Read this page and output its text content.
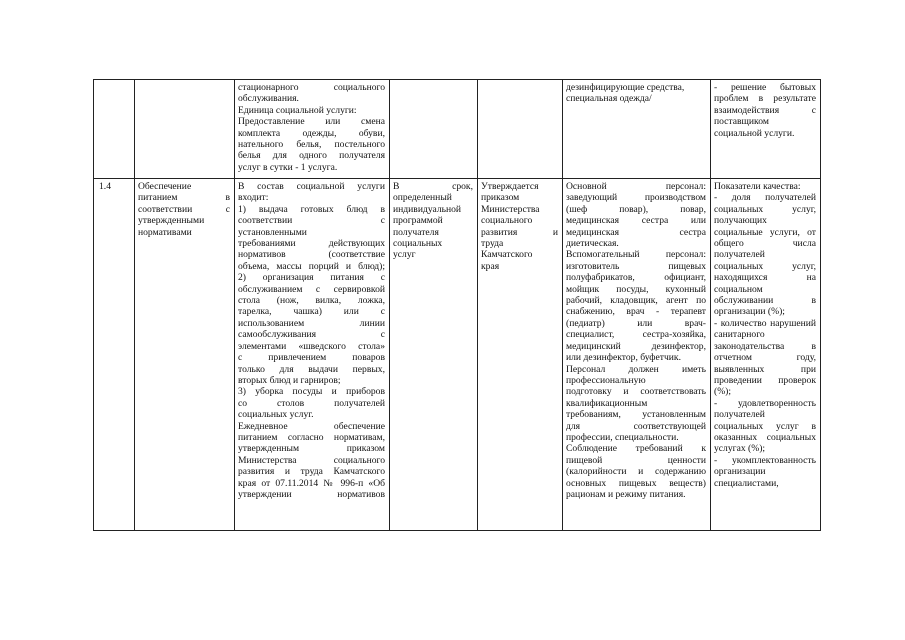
стационарного социального
обслуживания.
Единица социальной услуги:
Предоставление или смена
комплекта одежды, обуви,
нательного белья, постельного
белья для одного получателя
услуг в сутки - 1 услуга.
дезинфицирующие средства,
специальная одежда/
- решение бытовых
проблем в результате
взаимодействия с
поставщиком
социальной услуги.
1.4	Обеспечение
питанием в
соответствии с
утвержденными
нормативами
В состав социальной услуги
входит:
1) выдача готовых блюд в
соответствии с
установленными
требованиями действующих
нормативов (соответствие
объема, массы порций и блюд);
2) организация питания с
обслуживанием с сервировкой
стола (нож, вилка, ложка,
тарелка, чашка) или с
использованием линии
самообслуживания с
элементами «шведского стола»
с привлечением поваров
только для выдачи первых,
вторых блюд и гарниров;
3) уборка посуды и приборов
со столов получателей
социальных услуг.
Ежедневное обеспечение
питанием согласно нормативам,
утвержденным приказом
Министерства социального
развития и труда Камчатского
края от 07.11.2014 № 996-п «Об
утверждении нормативов
В срок,
определенный
индивидуальной
программой
получателя
социальных
услуг
Утверждается
приказом
Министерства
социального
развития и
труда
Камчатского
края
Основной персонал:
заведующий производством
(шеф повар), повар,
медицинская сестра или
медицинская сестра
диетическая.
Вспомогательный персонал:
изготовитель пищевых
полуфабрикатов, официант,
мойщик посуды, кухонный
рабочий, кладовщик, агент по
снабжению, врач - терапевт
(педиатр) или врач-
специалист, сестра-хозяйка,
медицинский дезинфектор,
или дезинфектор, буфетчик.
Персонал должен иметь
профессиональную
подготовку и соответствовать
квалификационным
требованиям, установленным
для соответствующей
профессии, специальности.
Соблюдение требований к
пищевой ценности
(калорийности и содержанию
основных пищевых веществ)
рационам и режиму питания.
Показатели качества:
- доля получателей
социальных услуг,
получающих
социальные услуги, от
общего числа
получателей
социальных услуг,
находящихся на
социальном
обслуживании в
организации (%);
- количество нарушений
санитарного
законодательства в
отчетном году,
выявленных при
проведении проверок
(%);
- удовлетворенность
получателей
социальных услуг в
оказанных социальных
услугах (%);
- укомплектованность
организации
специалистами,
